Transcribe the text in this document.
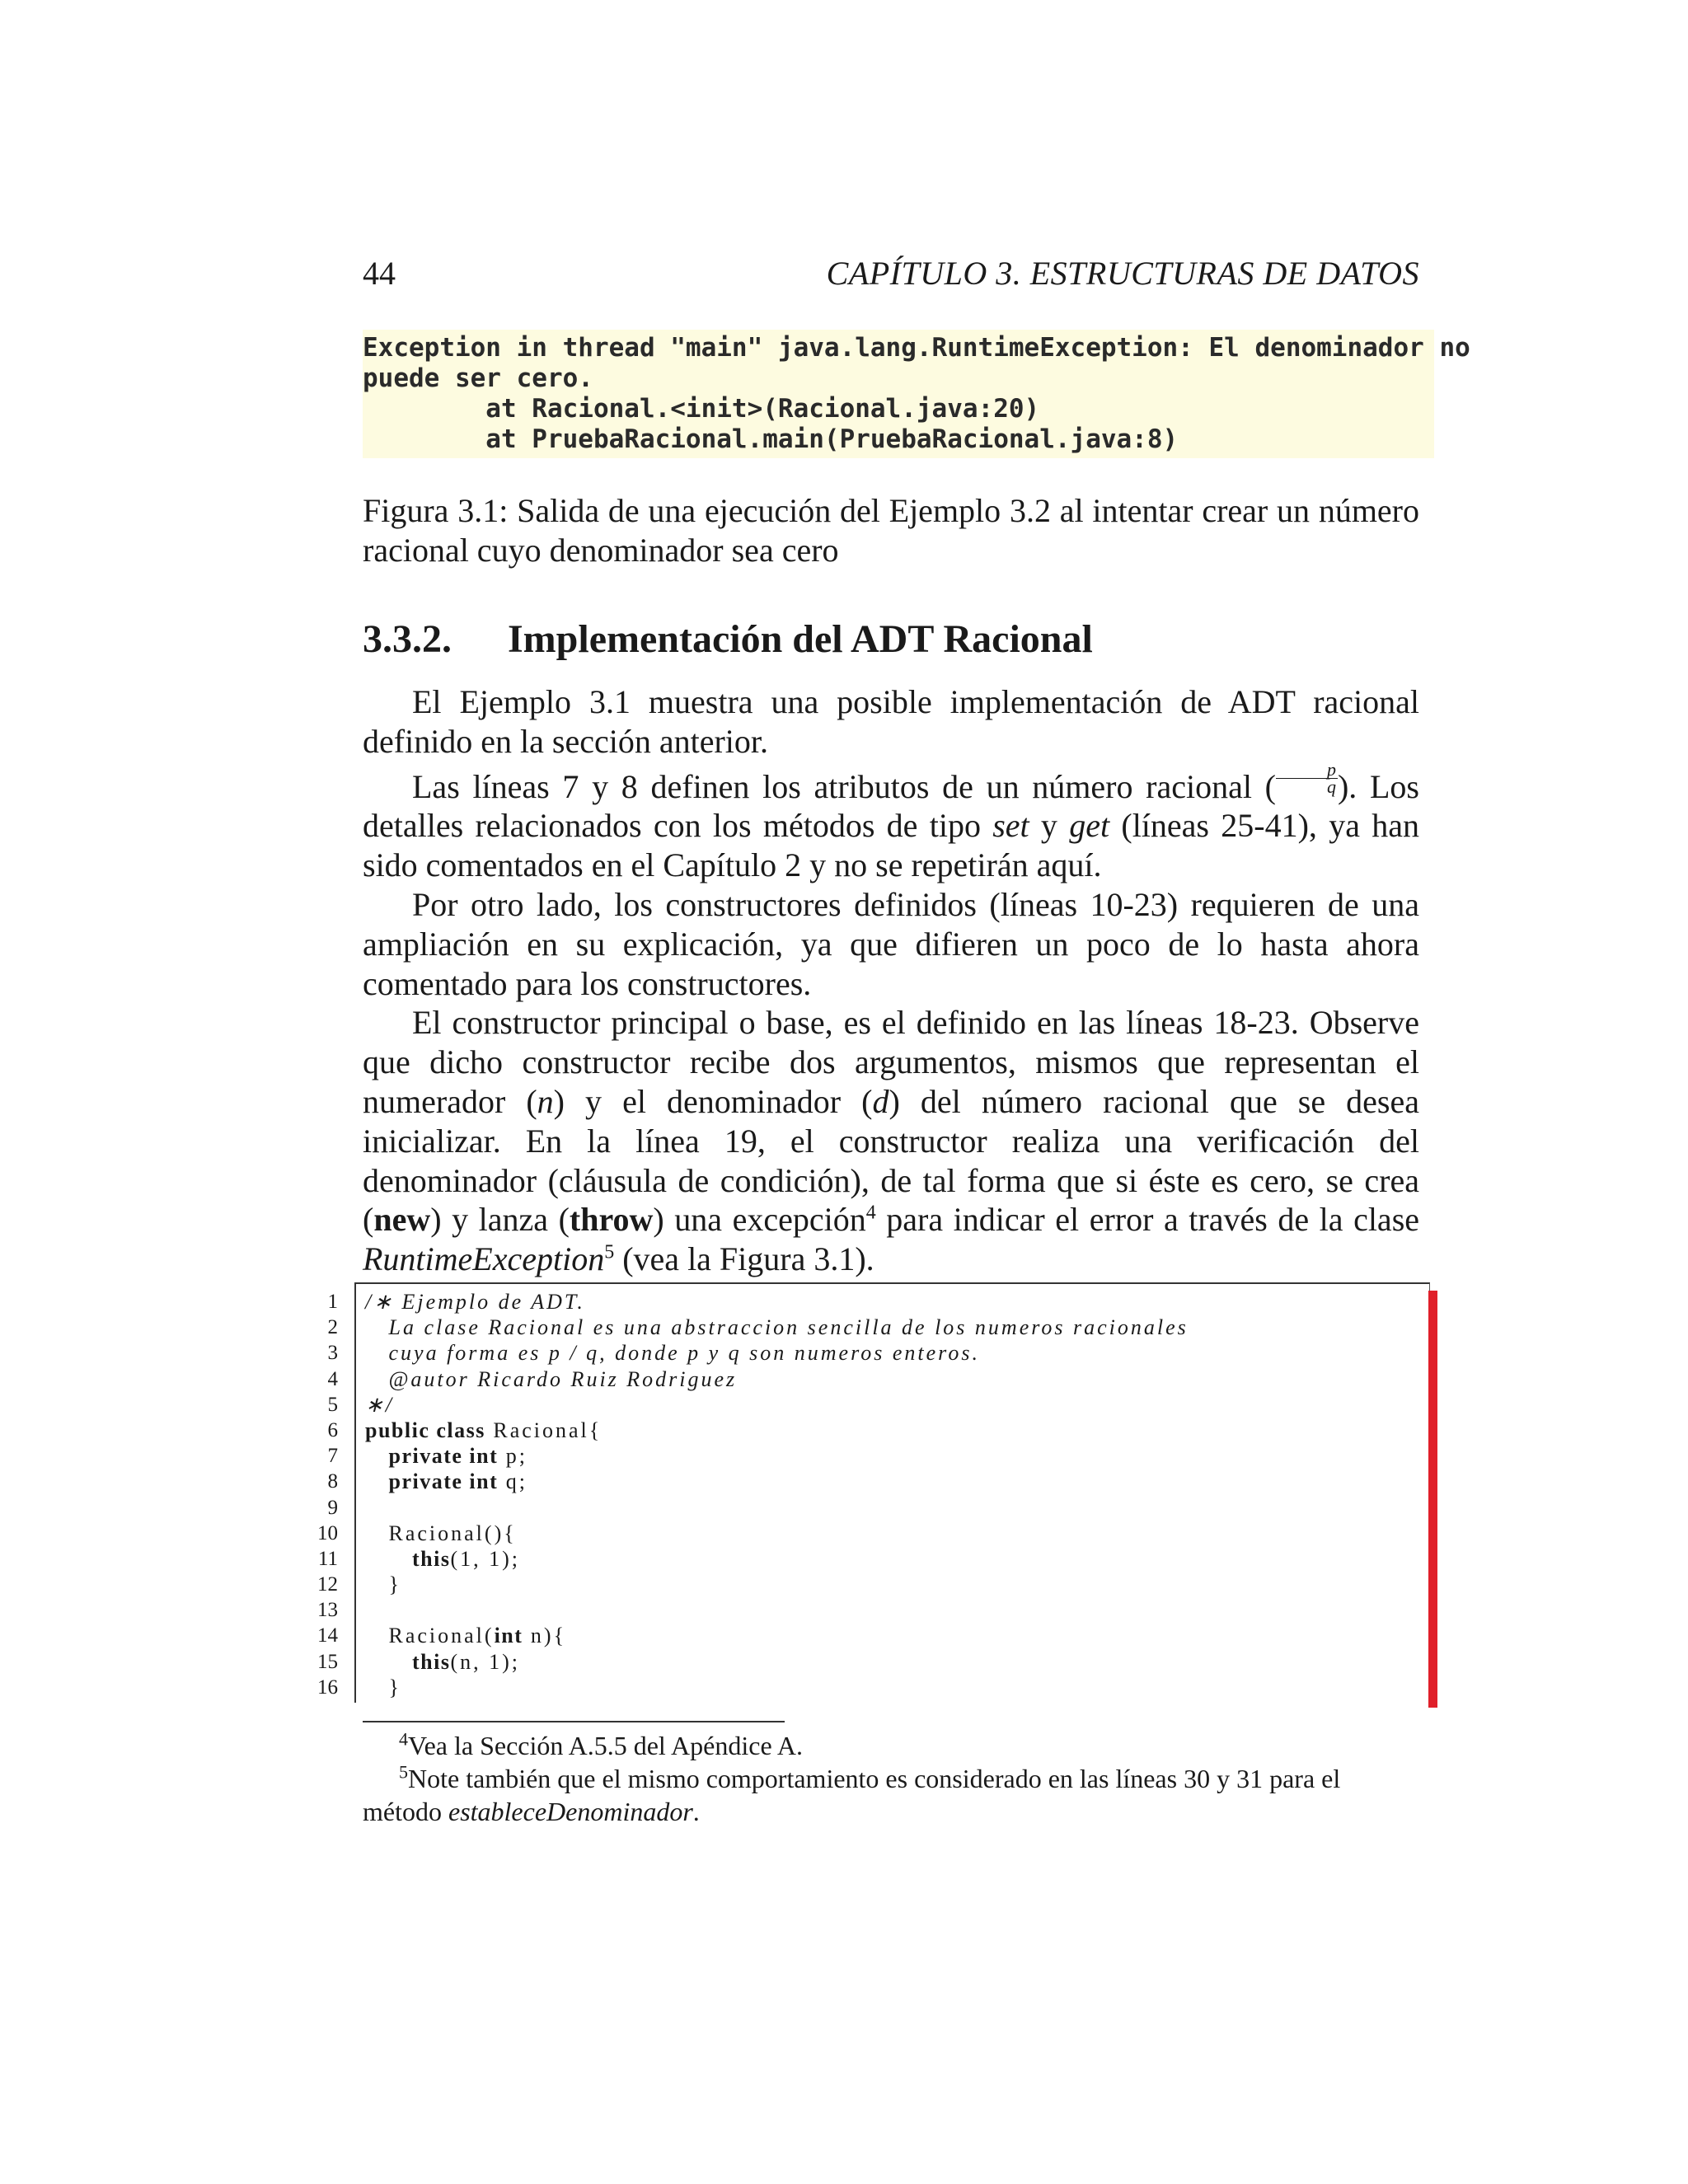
44	CAPÍTULO 3. ESTRUCTURAS DE DATOS
Exception in thread "main" java.lang.RuntimeException: El denominador no
puede ser cero.
at Racional.<init>(Racional.java:20)
at PruebaRacional.main(PruebaRacional.java:8)
Figura 3.1: Salida de una ejecución del Ejemplo 3.2 al intentar crear un número racional cuyo denominador sea cero
3.3.2. Implementación del ADT Racional

El Ejemplo 3.1 muestra una posible implementación de ADT racional definido en la sección anterior.

Las líneas 7 y 8 definen los atributos de un número racional ( $\frac{p}{q}$ ). Los detalles relacionados con los métodos de tipo set y get (líneas 25-41), ya han sido comentados en el Capítulo 2 y no se repetirán aquí.

Por otro lado, los constructores definidos (líneas 10-23) requieren de una ampliación en su explicación, ya que difieren un poco de lo hasta ahora comentado para los constructores.

El constructor principal o base, es el definido en las líneas 18-23. Observe que dicho constructor recibe dos argumentos, mismos que representan el numerador (n) y el denominador (d) del número racional que se desea inicializar. En la línea 19, el constructor realiza una verificación del denominador (cláusula de condición), de tal forma que si éste es cero, se crea (new) y lanza (throw) una excepción$^4$ para indicar el error a través de la clase RuntimeException$^5$ (vea la Figura 3.1).

1
2
3
4
5
6
7
8
9
10
11
12
13
14
15
16
/∗ Ejemplo de ADT.
La clase Racional es una abstraccion sencilla de los numeros racionales
cuya forma es p / q, donde p y q son numeros enteros.
@autor Ricardo Ruiz Rodriguez
∗/
public class Racional{
private int p;
private int q;
Racional(){
this(1, 1);
}
Racional(int n){
this(n, 1);
}

$^4$Vea la Sección A.5.5 del Apéndice A.

$^5$Note también que el mismo comportamiento es considerado en las líneas 30 y 31 para el método estableceDenominador.
